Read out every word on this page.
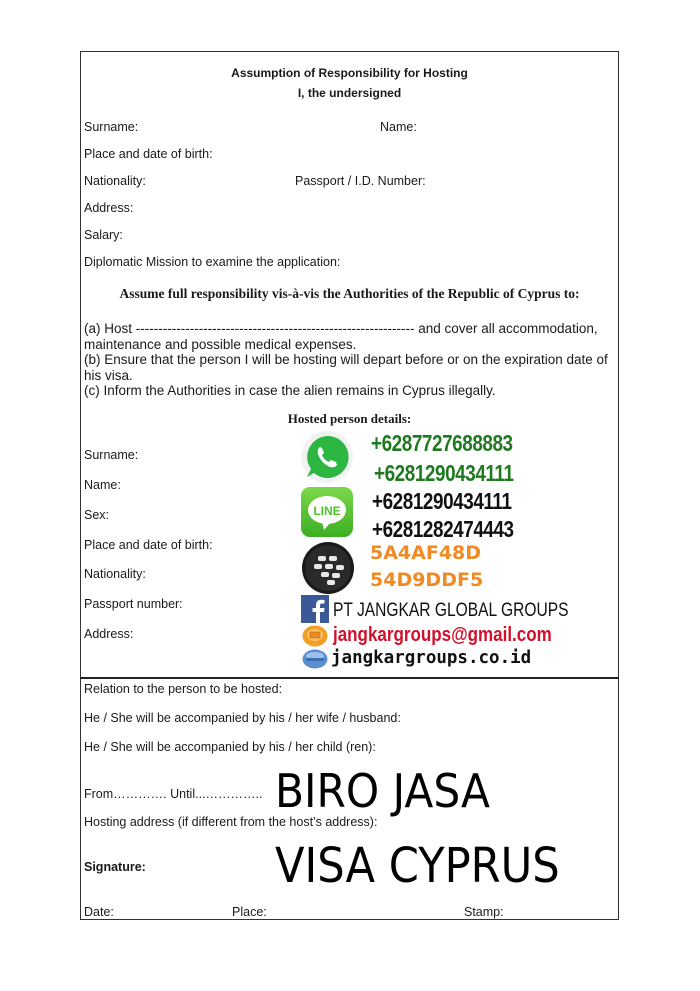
Assumption of Responsibility for Hosting
I, the undersigned
Surname:	Name:
Place and date of birth:
Nationality:	Passport / I.D. Number:
Address:
Salary:
Diplomatic Mission to examine the application:
Assume full responsibility vis-à-vis the Authorities of the Republic of Cyprus to:
(a) Host -------------------------------------------------------------- and cover all accommodation, maintenance and possible medical expenses.
(b) Ensure that the person I will be hosting will depart before or on the expiration date of his visa.
(c) Inform the Authorities in case the alien remains in Cyprus illegally.
Hosted person details:
Surname:
Name:
Sex:
Place and date of birth:
Nationality:
Passport number:
Address:
+6287727688883
+6281290434111
LINE +6281290434111
+6281282474443
5A4AF48D
54D9DDF5
PT JANGKAR GLOBAL GROUPS
jangkargroups@gmail.com
jangkargroups.co.id
Relation to the person to be hosted:
He / She will be accompanied by his / her wife / husband:
He / She will be accompanied by his / her child (ren):
From…………. Until...…………..
Hosting address (if different from the host’s address):
Signature:
Date:	Place:	Stamp:
BIRO JASA
VISA CYPRUS
